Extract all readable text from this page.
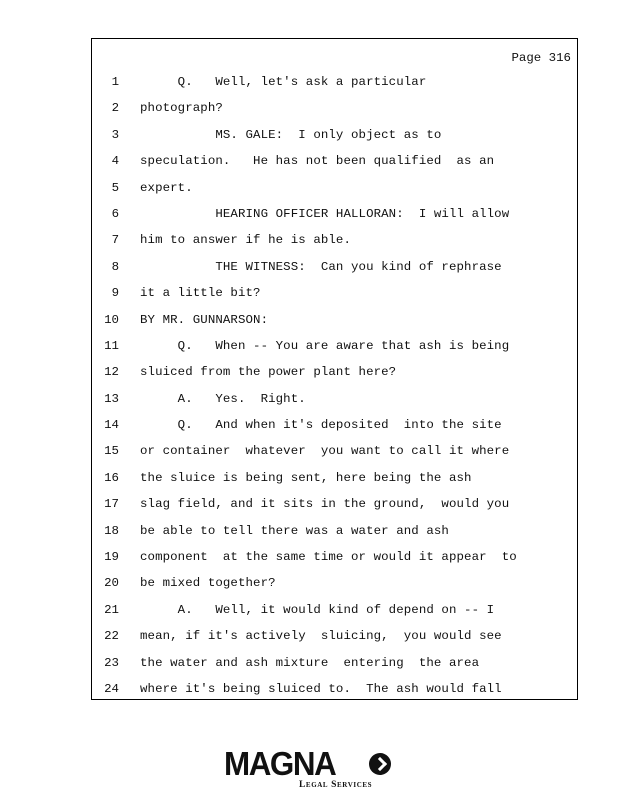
Page 316
1 Q.   Well, let's ask a particular
2 photograph?
3 MS. GALE:  I only object as to
4 speculation.   He has not been qualified  as an
5 expert.
6 HEARING OFFICER HALLORAN:  I will allow
7 him to answer if he is able.
8 THE WITNESS:  Can you kind of rephrase
9 it a little bit?
10 BY MR. GUNNARSON:
11 Q.   When -- You are aware that ash is being
12 sluiced from the power plant here?
13 A.   Yes.  Right.
14 Q.   And when it's deposited  into the site
15 or container  whatever  you want to call it where
16 the sluice is being sent, here being the ash
17 slag field, and it sits in the ground,  would you
18 be able to tell there was a water and ash
19 component  at the same time or would it appear  to
20 be mixed together?
21 A.   Well, it would kind of depend on -- I
22 mean, if it's actively  sluicing,  you would see
23 the water and ash mixture  entering  the area
24 where it's being sluiced to.  The ash would fall
MAGNA
Legal Services
